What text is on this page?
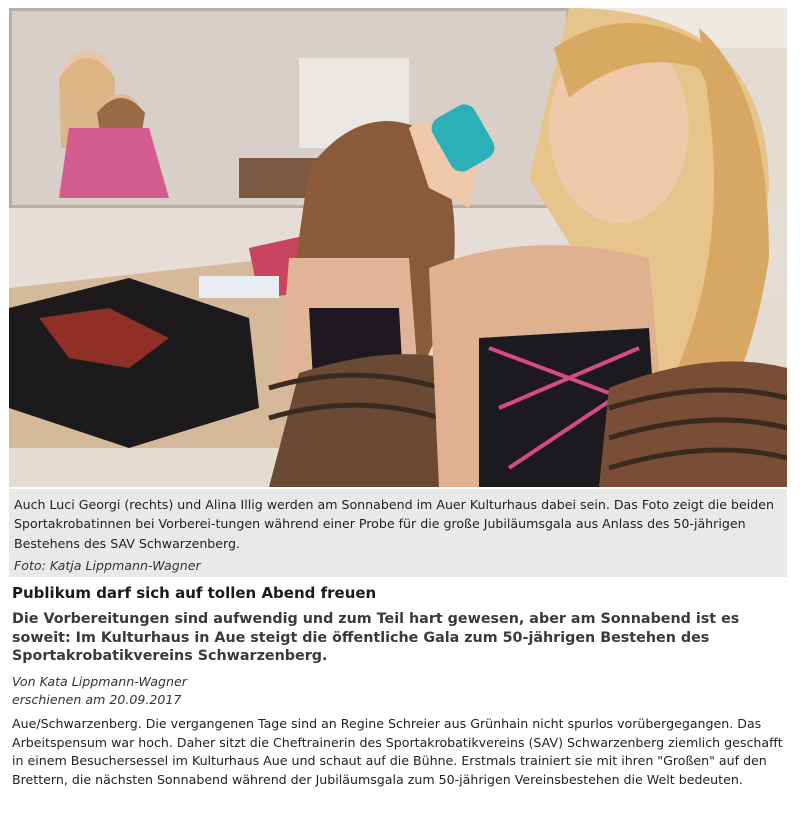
Auch Luci Georgi (rechts) und Alina Illig werden am Sonnabend im Auer Kulturhaus dabei sein. Das Foto zeigt die beiden Sportakrobatinnen bei Vorberei-tungen während einer Probe für die große Jubiläumsgala aus Anlass des 50-jährigen Bestehens des SAV Schwarzenberg.

Foto: Katja Lippmann-Wagner

Publikum darf sich auf tollen Abend freuen

Die Vorbereitungen sind aufwendig und zum Teil hart gewesen, aber am Sonnabend ist es soweit: Im Kulturhaus in Aue steigt die öffentliche Gala zum 50-jährigen Bestehen des Sportakrobatikvereins Schwarzenberg.

Von Kata Lippmann-Wagner

erschienen am 20.09.2017

Aue/Schwarzenberg. Die vergangenen Tage sind an Regine Schreier aus Grünhain nicht spurlos vorübergegangen. Das Arbeitspensum war hoch. Daher sitzt die Cheftrainerin des Sportakrobatikvereins (SAV) Schwarzenberg ziemlich geschafft in einem Besuchersessel im Kulturhaus Aue und schaut auf die Bühne. Erstmals trainiert sie mit ihren "Großen" auf den Brettern, die nächsten Sonnabend während der Jubiläumsgala zum 50-jährigen Vereinsbestehen die Welt bedeuten.
